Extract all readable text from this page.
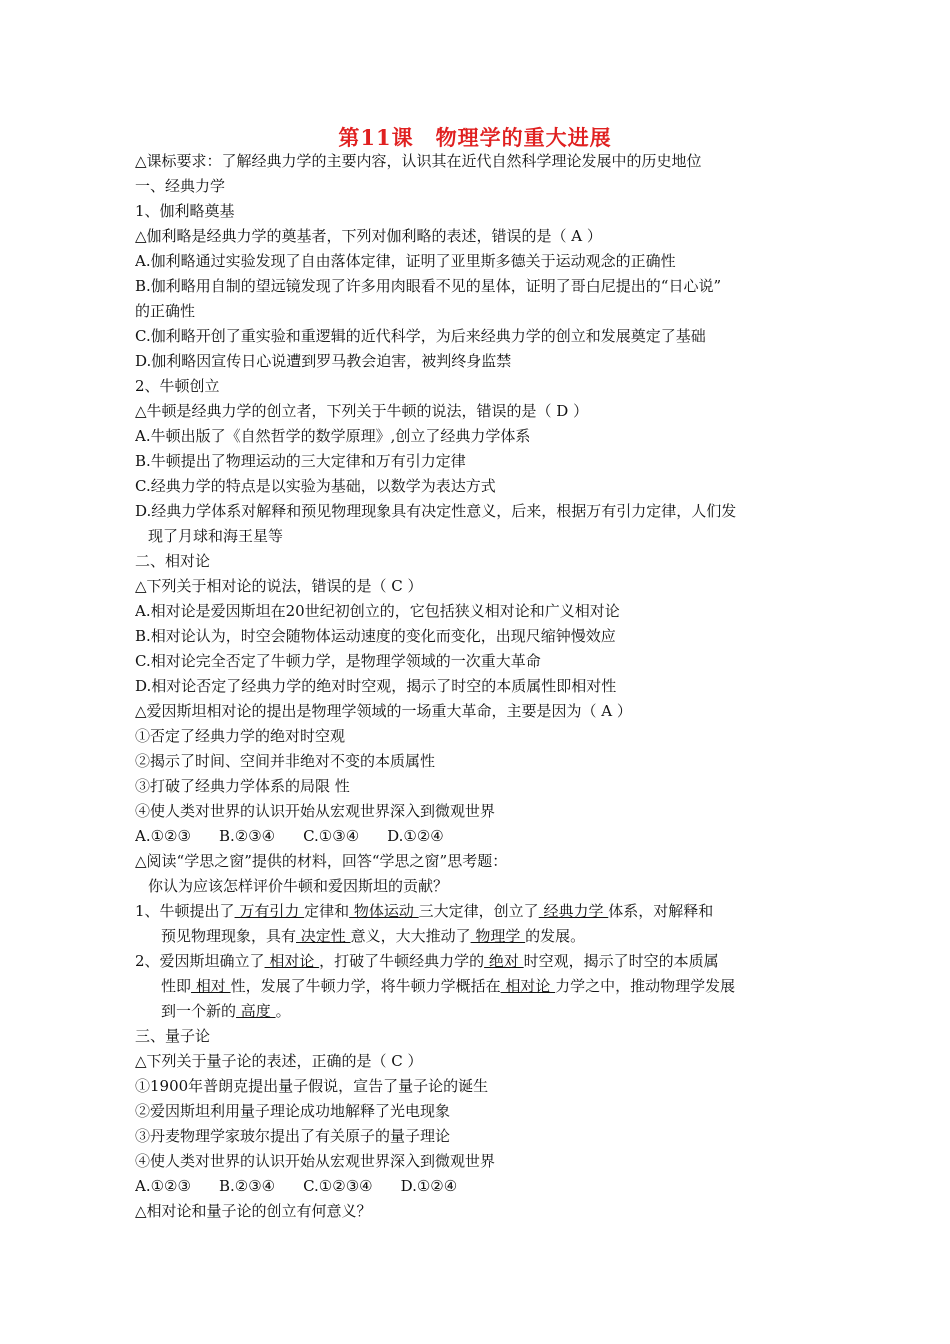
第11课　物理学的重大进展
△课标要求：了解经典力学的主要内容，认识其在近代自然科学理论发展中的历史地位
一、经典力学
1、伽利略奠基
△伽利略是经典力学的奠基者，下列对伽利略的表述，错误的是（ A ）
A.伽利略通过实验发现了自由落体定律，证明了亚里斯多德关于运动观念的正确性
B.伽利略用自制的望远镜发现了许多用肉眼看不见的星体，证明了哥白尼提出的“日心说”
的正确性
C.伽利略开创了重实验和重逻辑的近代科学，为后来经典力学的创立和发展奠定了基础
D.伽利略因宣传日心说遭到罗马教会迫害，被判终身监禁
2、牛顿创立
△牛顿是经典力学的创立者，下列关于牛顿的说法，错误的是（ D ）
A.牛顿出版了《自然哲学的数学原理》,创立了经典力学体系
B.牛顿提出了物理运动的三大定律和万有引力定律
C.经典力学的特点是以实验为基础，以数学为表达方式
D.经典力学体系对解释和预见物理现象具有决定性意义，后来，根据万有引力定律，人们发
现了月球和海王星等
二、相对论
△下列关于相对论的说法，错误的是（ C ）
A.相对论是爱因斯坦在20世纪初创立的，它包括狭义相对论和广义相对论
B.相对论认为，时空会随物体运动速度的变化而变化，出现尺缩钟慢效应
C.相对论完全否定了牛顿力学，是物理学领域的一次重大革命
D.相对论否定了经典力学的绝对时空观，揭示了时空的本质属性即相对性
△爱因斯坦相对论的提出是物理学领域的一场重大革命，主要是因为（ A ）
①否定了经典力学的绝对时空观
②揭示了时间、空间并非绝对不变的本质属性
③打破了经典力学体系的局限 性
④使人类对世界的认识开始从宏观世界深入到微观世界
A.①②③ B.②③④ C.①③④ D.①②④
△阅读“学思之窗”提供的材料，回答“学思之窗”思考题：
你认为应该怎样评价牛顿和爱因斯坦的贡献？
1、牛顿提出了 万有引力 定律和 物体运动 三大定律，创立了 经典力学 体系，对解释和
预见物理现象，具有 决定性 意义，大大推动了 物理学 的发展。
2、爱因斯坦确立了 相对论 ，打破了牛顿经典力学的 绝对 时空观，揭示了时空的本质属
性即 相对 性，发展了牛顿力学，将牛顿力学概括在 相对论 力学之中，推动物理学发展
到一个新的 高度 。
三、量子论
△下列关于量子论的表述，正确的是（ C ）
①1900年普朗克提出量子假说，宣告了量子论的诞生
②爱因斯坦利用量子理论成功地解释了光电现象
③丹麦物理学家玻尔提出了有关原子的量子理论
④使人类对世界的认识开始从宏观世界深入到微观世界
A.①②③ B.②③④ C.①②③④ D.①②④
△相对论和量子论的创立有何意义？
